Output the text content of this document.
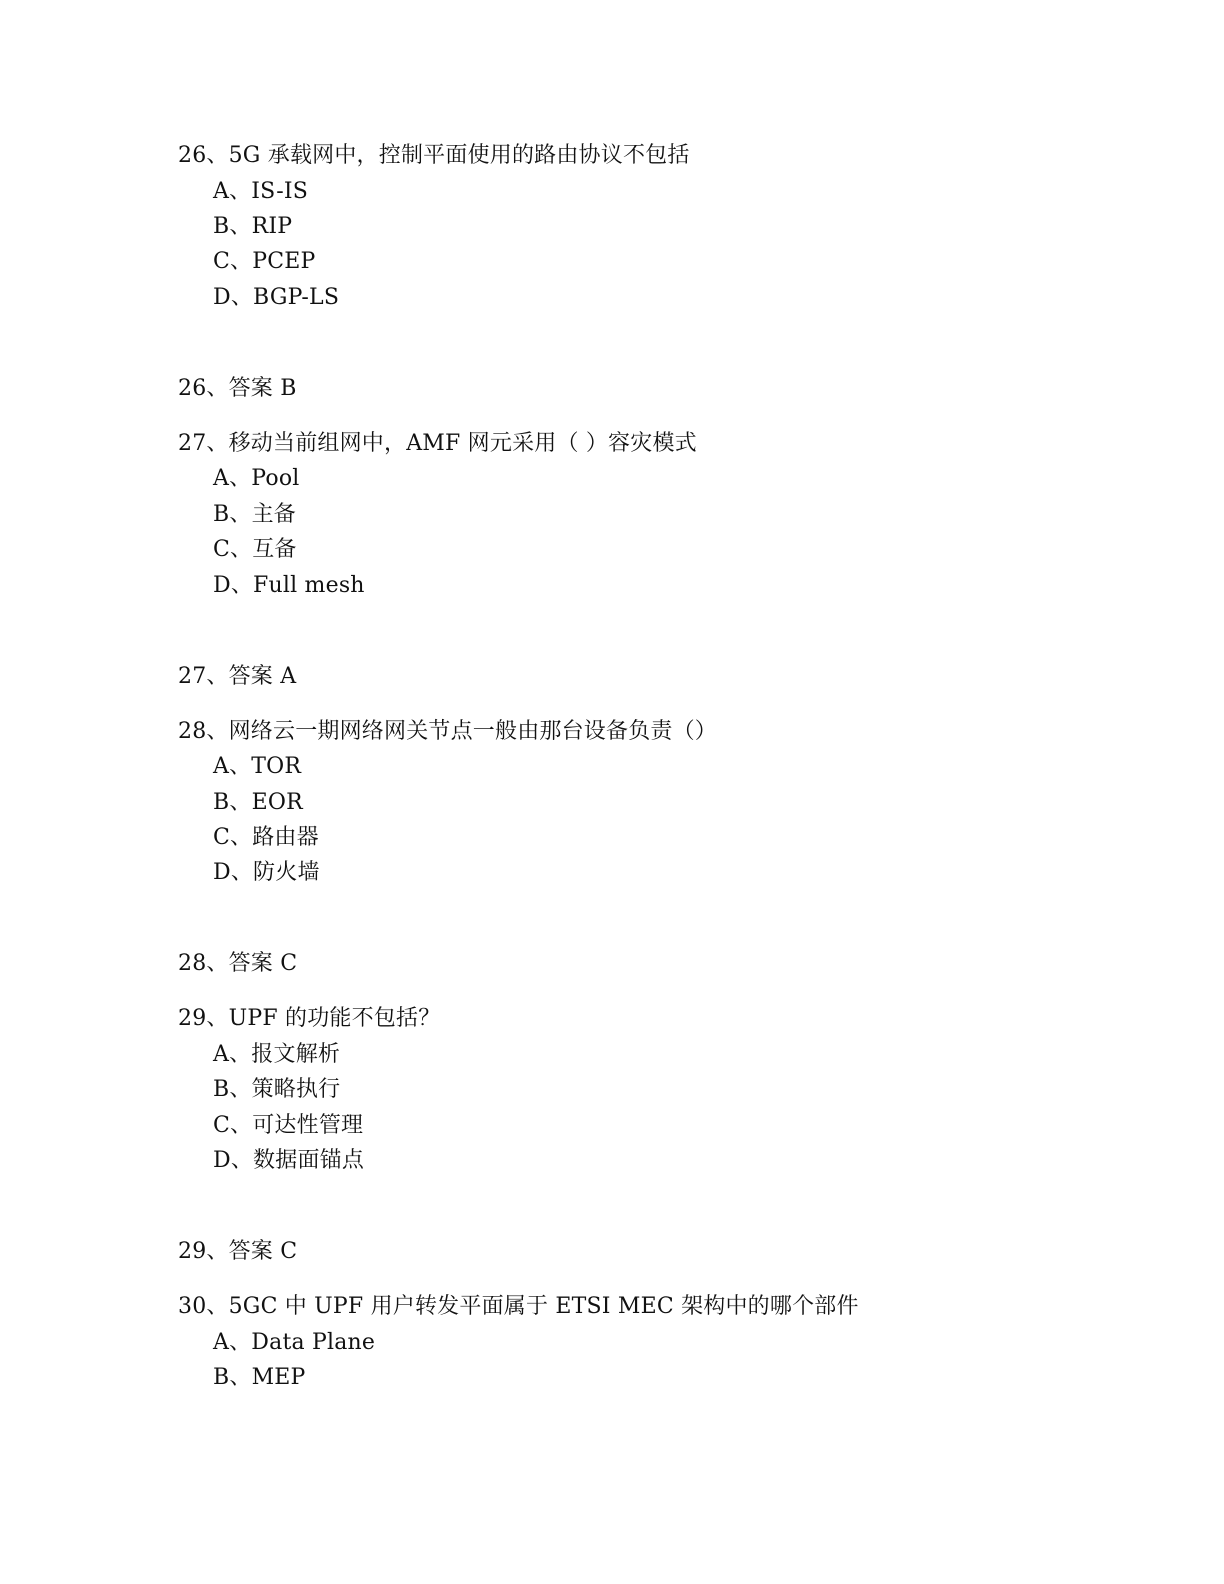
26、5G 承载网中，控制平面使用的路由协议不包括
A、IS-IS
B、RIP
C、PCEP
D、BGP-LS
26、答案 B
27、移动当前组网中，AMF 网元采用（ ）容灾模式
A、Pool
B、主备
C、互备
D、Full mesh
27、答案 A
28、网络云一期网络网关节点一般由那台设备负责（）
A、TOR
B、EOR
C、路由器
D、防火墙
28、答案 C
29、UPF 的功能不包括？
A、报文解析
B、策略执行
C、可达性管理
D、数据面锚点
29、答案 C
30、5GC 中 UPF 用户转发平面属于 ETSI MEC 架构中的哪个部件
A、Data Plane
B、MEP
